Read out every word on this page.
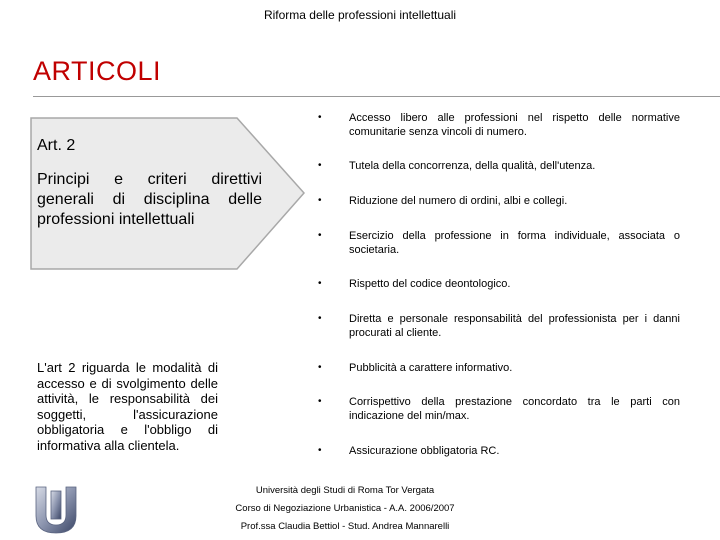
Riforma delle professioni intellettuali
ARTICOLI
Art. 2
Principi e criteri direttivi generali di disciplina delle professioni intellettuali
L'art 2 riguarda le modalità di accesso e di svolgimento delle attività, le responsabilità dei soggetti, l'assicurazione obbligatoria e l'obbligo di informativa alla clientela.
•	Accesso libero alle professioni nel rispetto delle normative comunitarie senza vincoli di numero.
•	Tutela della concorrenza, della qualità, dell'utenza.
•	Riduzione del numero di ordini, albi e collegi.
•	Esercizio della professione in forma individuale, associata o societaria.
•	Rispetto del codice deontologico.
•	Diretta e personale responsabilità del professionista per i danni procurati al cliente.
•	Pubblicità a carattere informativo.
•	Corrispettivo della prestazione concordato tra le parti con indicazione del min/max.
•	Assicurazione obbligatoria RC.
Università degli Studi di Roma Tor Vergata
Corso di Negoziazione Urbanistica - A.A. 2006/2007
Prof.ssa Claudia Bettiol - Stud. Andrea Mannarelli
